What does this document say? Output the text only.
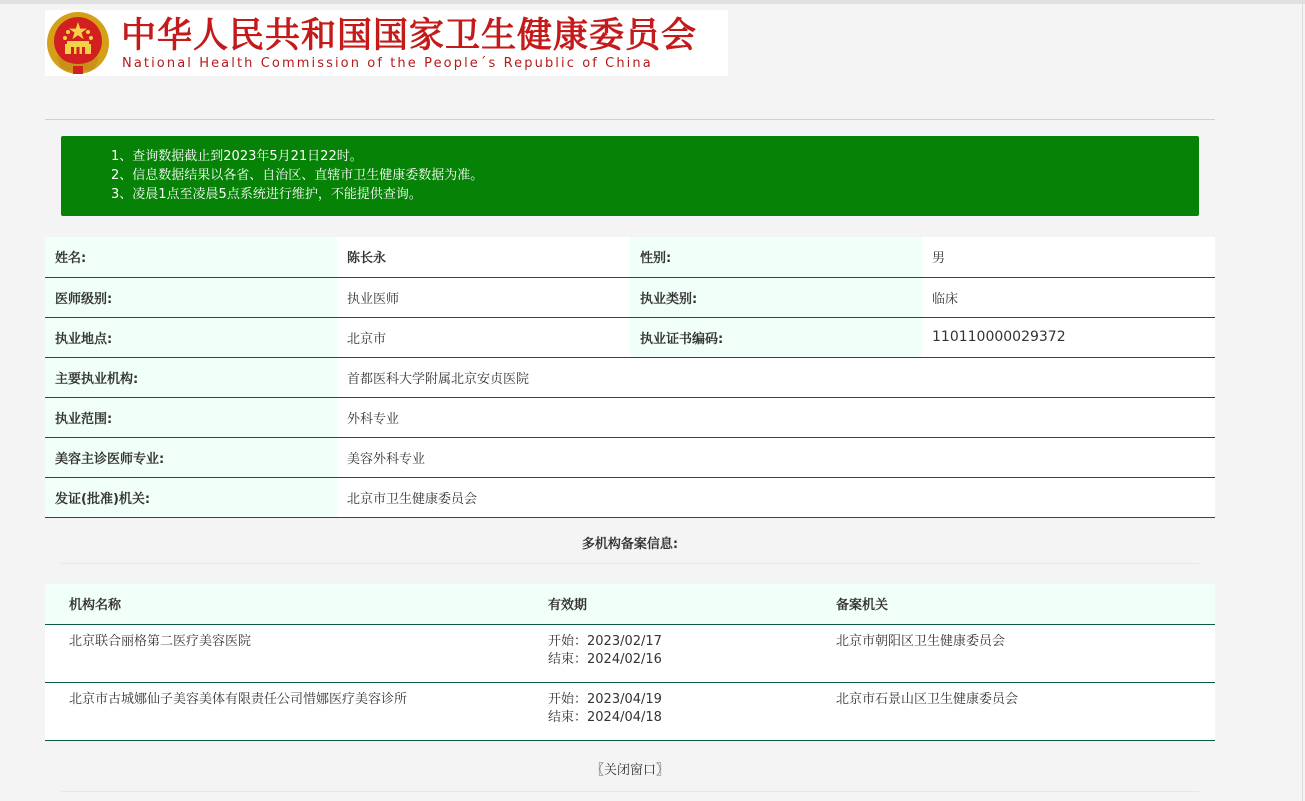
中华人民共和国国家卫生健康委员会
National Health Commission of the People´s Republic of China
1、查询数据截止到2023年5月21日22时。
2、信息数据结果以各省、自治区、直辖市卫生健康委数据为准。
3、凌晨1点至凌晨5点系统进行维护，不能提供查询。
姓名:	陈长永	性别:	男
医师级别:	执业医师	执业类别:	临床
执业地点:	北京市	执业证书编码:	110110000029372
主要执业机构:	首都医科大学附属北京安贞医院		
执业范围:	外科专业		
美容主诊医师专业:	美容外科专业		
发证(批准)机关:	北京市卫生健康委员会		
多机构备案信息:
机构名称	有效期	备案机关
北京联合丽格第二医疗美容医院	开始：2023/02/17
结束：2024/02/16	北京市朝阳区卫生健康委员会
北京市古城娜仙子美容美体有限责任公司惜娜医疗美容诊所	开始：2023/04/19
结束：2024/04/18	北京市石景山区卫生健康委员会
〖关闭窗口〗
